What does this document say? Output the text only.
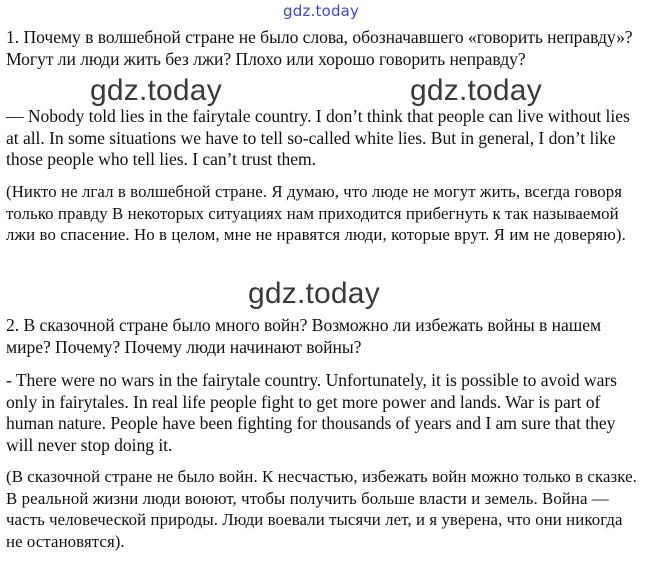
gdz.today

1. Почему в волшебной стране не было слова, обозначавшего «говорить неправду»? Могут ли люди жить без лжи? Плохо или хорошо говорить неправду?

— Nobody told lies in the fairytale country. I don’t think that people can live without lies at all. In some situations we have to tell so-called white lies. But in general, I don’t like those people who tell lies. I can’t trust them.

(Никто не лгал в волшебной стране. Я думаю, что люде не могут жить, всегда говоря только правду В некоторых ситуациях нам приходится прибегнуть к так называемой лжи во спасение. Но в целом, мне не нравятся люди, которые врут. Я им не доверяю).

2. В сказочной стране было много войн? Возможно ли избежать войны в нашем мире? Почему? Почему люди начинают войны?

- There were no wars in the fairytale country. Unfortunately, it is possible to avoid wars only in fairytales. In real life people fight to get more power and lands. War is part of human nature. People have been fighting for thousands of years and I am sure that they will never stop doing it.

(В сказочной стране не было войн. К несчастью, избежать войн можно только в сказке. В реальной жизни люди воюют, чтобы получить больше власти и земель. Война — часть человеческой природы. Люди воевали тысячи лет, и я уверена, что они никогда не остановятся).

gdz.today	gdz.today
gdz.today
